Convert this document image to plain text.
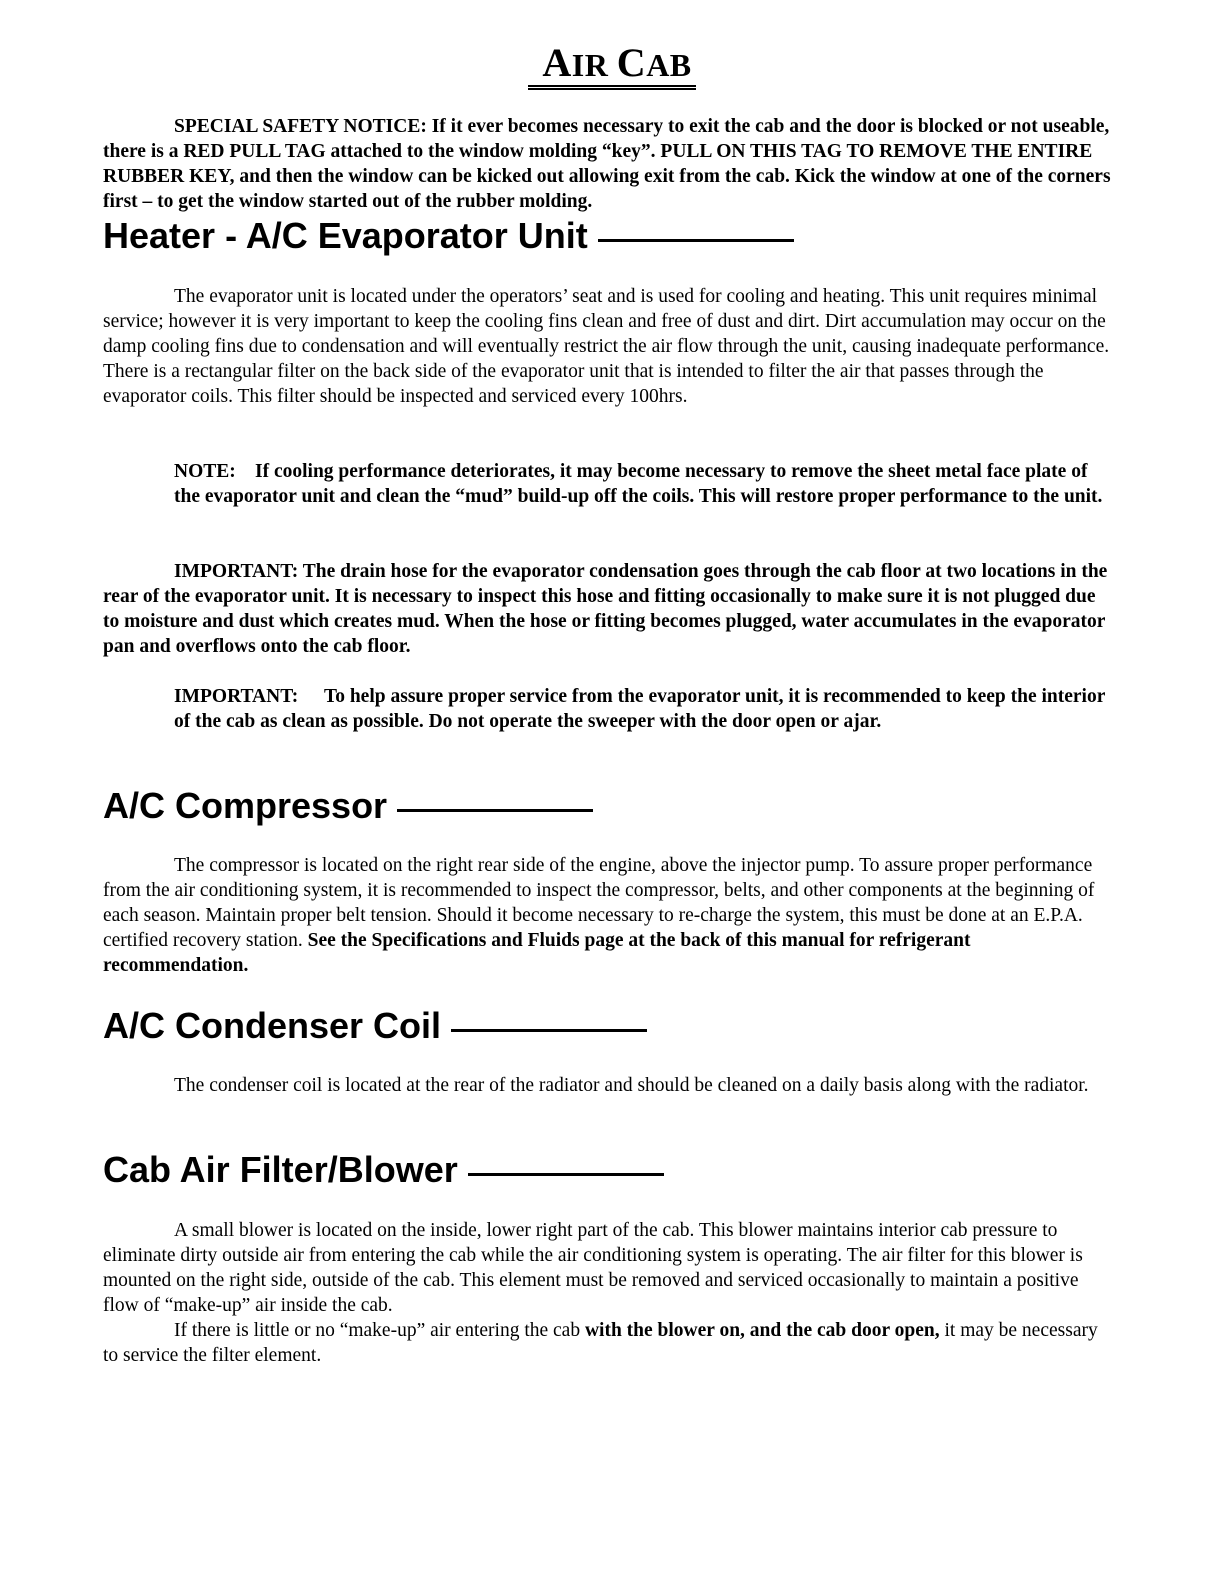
AIR CAB

SPECIAL SAFETY NOTICE: If it ever becomes necessary to exit the cab and the door is blocked or not useable, there is a RED PULL TAG attached to the window molding “key”. PULL ON THIS TAG TO REMOVE THE ENTIRE RUBBER KEY, and then the window can be kicked out allowing exit from the cab. Kick the window at one of the corners first – to get the window started out of the rubber molding.

Heater - A/C Evaporator Unit

The evaporator unit is located under the operators’ seat and is used for cooling and heating. This unit requires minimal service; however it is very important to keep the cooling fins clean and free of dust and dirt. Dirt accumulation may occur on the damp cooling fins due to condensation and will eventually restrict the air flow through the unit, causing inadequate performance. There is a rectangular filter on the back side of the evaporator unit that is intended to filter the air that passes through the evaporator coils. This filter should be inspected and serviced every 100hrs.

NOTE: If cooling performance deteriorates, it may become necessary to remove the sheet metal face plate of the evaporator unit and clean the “mud” build-up off the coils. This will restore proper performance to the unit.

IMPORTANT: The drain hose for the evaporator condensation goes through the cab floor at two locations in the rear of the evaporator unit. It is necessary to inspect this hose and fitting occasionally to make sure it is not plugged due to moisture and dust which creates mud. When the hose or fitting becomes plugged, water accumulates in the evaporator pan and overflows onto the cab floor.

IMPORTANT:	To help assure proper service from the evaporator unit, it is recommended to keep the interior of the cab as clean as possible. Do not operate the sweeper with the door open or ajar.
A/C Compressor

The compressor is located on the right rear side of the engine, above the injector pump. To assure proper performance from the air conditioning system, it is recommended to inspect the compressor, belts, and other components at the beginning of each season. Maintain proper belt tension. Should it become necessary to re-charge the system, this must be done at an E.P.A. certified recovery station. See the Specifications and Fluids page at the back of this manual for refrigerant recommendation.

A/C Condenser Coil

The condenser coil is located at the rear of the radiator and should be cleaned on a daily basis along with the radiator.

Cab Air Filter/Blower

A small blower is located on the inside, lower right part of the cab. This blower maintains interior cab pressure to eliminate dirty outside air from entering the cab while the air conditioning system is operating. The air filter for this blower is mounted on the right side, outside of the cab. This element must be removed and serviced occasionally to maintain a positive flow of “make-up” air inside the cab.

If there is little or no “make-up” air entering the cab with the blower on, and the cab door open, it may be necessary to service the filter element.
